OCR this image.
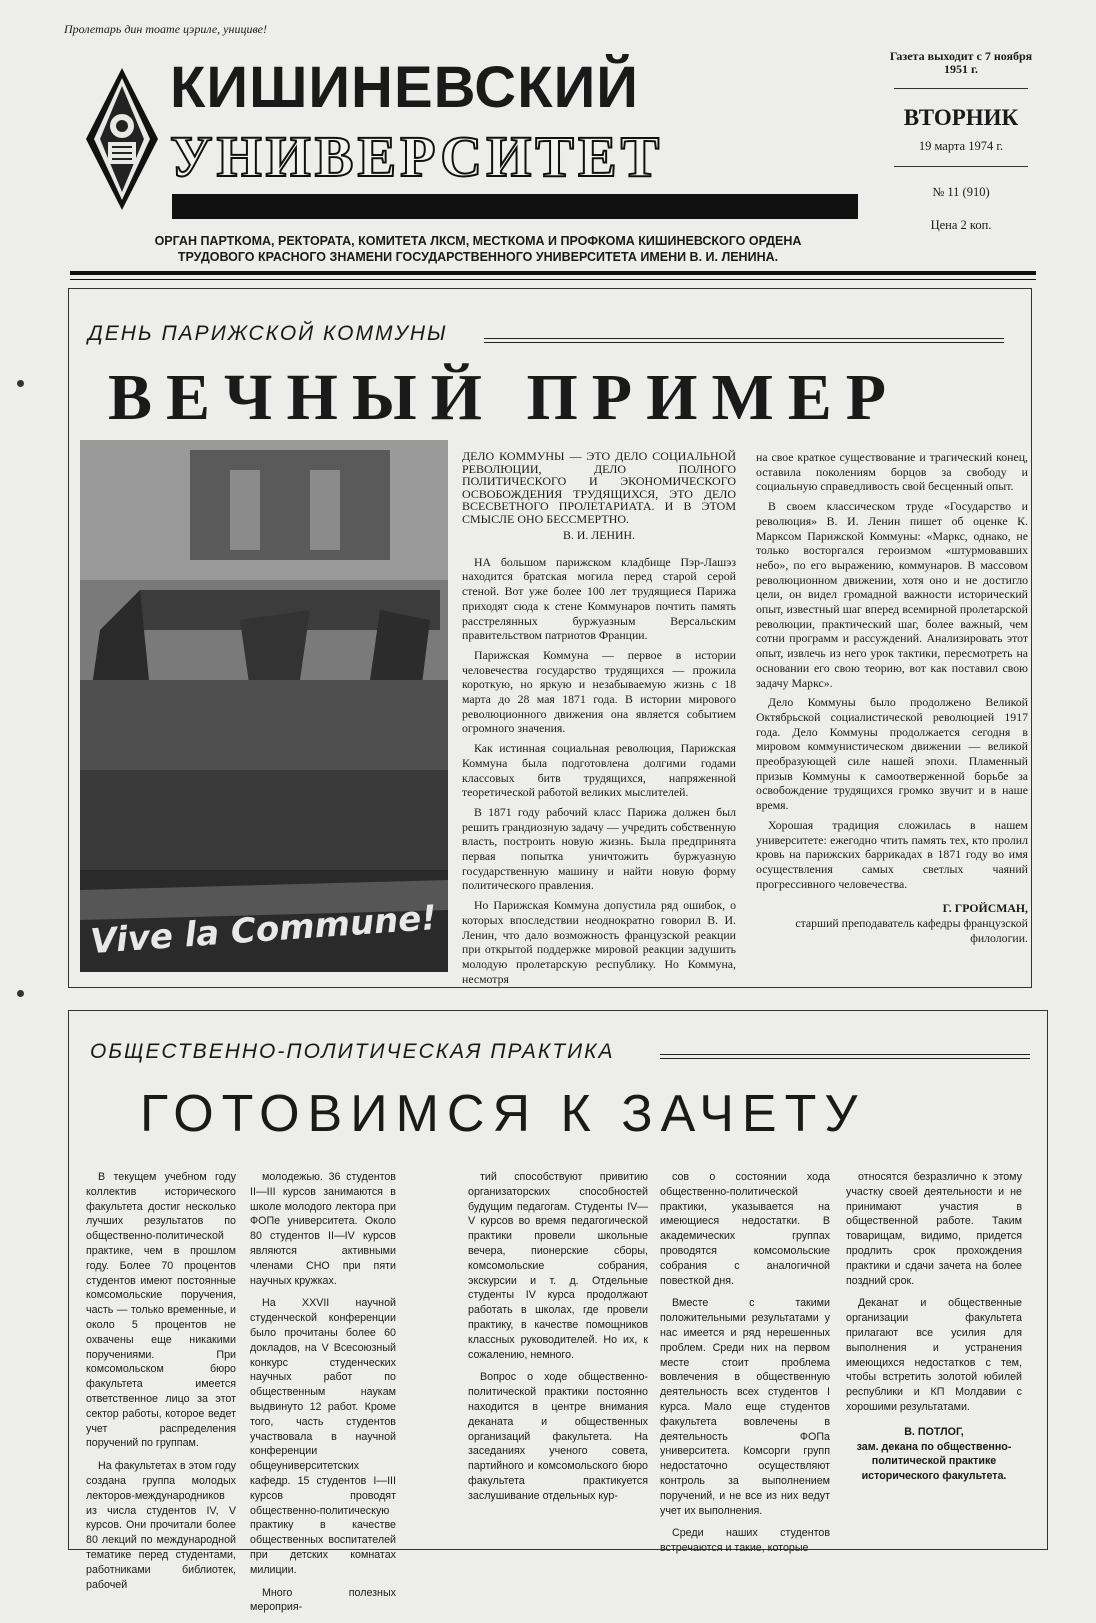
Пролетарь дин тоате цэриле, унициве!
КИШИНЕВСКИЙ
УНИВЕРСИТЕТ
ОРГАН ПАРТКОМА, РЕКТОРАТА, КОМИТЕТА ЛКСМ, МЕСТКОМА И ПРОФКОМА КИШИНЕВСКОГО ОРДЕНА
ТРУДОВОГО КРАСНОГО ЗНАМЕНИ ГОСУДАРСТВЕННОГО УНИВЕРСИТЕТА ИМЕНИ В. И. ЛЕНИНА.
Газета выходит с 7 ноября 1951 г.
ВТОРНИК
19 марта 1974 г.
№ 11 (910)
Цена 2 коп.
ДЕНЬ ПАРИЖСКОЙ КОММУНЫ
ВЕЧНЫЙ ПРИМЕР
Vive la Commune!
ДЕЛО КОММУНЫ — ЭТО ДЕЛО СОЦИАЛЬНОЙ РЕВОЛЮЦИИ, ДЕЛО ПОЛНОГО ПОЛИТИЧЕСКОГО И ЭКОНОМИЧЕСКОГО ОСВОБОЖДЕНИЯ ТРУДЯЩИХСЯ, ЭТО ДЕЛО ВСЕСВЕТНОГО ПРОЛЕТАРИАТА. И В ЭТОМ СМЫСЛЕ ОНО БЕССМЕРТНО.
В. И. ЛЕНИН.

НА большом парижском кладбище Пэр-Лашэз находится братская могила перед старой серой стеной. Вот уже более 100 лет трудящиеся Парижа приходят сюда к стене Коммунаров почтить память расстрелянных буржуазным Версальским правительством патриотов Франции.

Парижская Коммуна — первое в истории человечества государство трудящихся — прожила короткую, но яркую и незабываемую жизнь с 18 марта до 28 мая 1871 года. В истории мирового революционного движения она является событием огромного значения.

Как истинная социальная революция, Парижская Коммуна была подготовлена долгими годами классовых битв трудящихся, напряженной теоретической работой великих мыслителей.

В 1871 году рабочий класс Парижа должен был решить грандиозную задачу — учредить собственную власть, построить новую жизнь. Была предпринята первая попытка уничтожить буржуазную государственную машину и найти новую форму политического правления.

Но Парижская Коммуна допустила ряд ошибок, о которых впоследствии неоднократно говорил В. И. Ленин, что дало возможность французской реакции при открытой поддержке мировой реакции задушить молодую пролетарскую республику. Но Коммуна, несмотря

на свое краткое существование и трагический конец, оставила поколениям борцов за свободу и социальную справедливость свой бесценный опыт.

В своем классическом труде «Государство и революция» В. И. Ленин пишет об оценке К. Марксом Парижской Коммуны: «Маркс, однако, не только восторгался героизмом «штурмовавших небо», по его выражению, коммунаров. В массовом революционном движении, хотя оно и не достигло цели, он видел громадной важности исторический опыт, известный шаг вперед всемирной пролетарской революции, практический шаг, более важный, чем сотни программ и рассуждений. Анализировать этот опыт, извлечь из него урок тактики, пересмотреть на основании его свою теорию, вот как поставил свою задачу Маркс».

Дело Коммуны было продолжено Великой Октябрьской социалистической революцией 1917 года. Дело Коммуны продолжается сегодня в мировом коммунистическом движении — великой преобразующей силе нашей эпохи. Пламенный призыв Коммуны к самоотверженной борьбе за освобождение трудящихся громко звучит и в наше время.

Хорошая традиция сложилась в нашем университете: ежегодно чтить память тех, кто пролил кровь на парижских баррикадах в 1871 году во имя осуществления самых светлых чаяний прогрессивного человечества.

Г. ГРОЙСМАН,
старший преподаватель кафедры французской филологии.
ОБЩЕСТВЕННО-ПОЛИТИЧЕСКАЯ ПРАКТИКА
ГОТОВИМСЯ К ЗАЧЕТУ

В текущем учебном году коллектив исторического факультета достиг несколько лучших результатов по общественно-политической практике, чем в прошлом году. Более 70 процентов студентов имеют постоянные комсомольские поручения, часть — только временные, и около 5 процентов не охвачены еще никакими поручениями. При комсомольском бюро факультета имеется ответственное лицо за этот сектор работы, которое ведет учет распределения поручений по группам.

На факультетах в этом году создана группа молодых лекторов-международников из числа студентов IV, V курсов. Они прочитали более 80 лекций по международной тематике перед студентами, работниками библиотек, рабочей

молодежью. 36 студентов II—III курсов занимаются в школе молодого лектора при ФОПе университета. Около 80 студентов II—IV курсов являются активными членами СНО при пяти научных кружках.

На XXVII научной студенческой конференции было прочитаны более 60 докладов, на V Всесоюзный конкурс студенческих научных работ по общественным наукам выдвинуто 12 работ. Кроме того, часть студентов участвовала в научной конференции общеуниверситетских кафедр. 15 студентов I—III курсов проводят общественно-политическую практику в качестве общественных воспитателей при детских комнатах милиции.

Много полезных мероприя-

тий способствуют привитию организаторских способностей будущим педагогам. Студенты IV—V курсов во время педагогической практики провели школьные вечера, пионерские сборы, комсомольские собрания, экскурсии и т. д. Отдельные студенты IV курса продолжают работать в школах, где провели практику, в качестве помощников классных руководителей. Но их, к сожалению, немного.

Вопрос о ходе общественно-политической практики постоянно находится в центре внимания деканата и общественных организаций факультета. На заседаниях ученого совета, партийного и комсомольского бюро факультета практикуется заслушивание отдельных кур-

сов о состоянии хода общественно-политической практики, указывается на имеющиеся недостатки. В академических группах проводятся комсомольские собрания с аналогичной повесткой дня.

Вместе с такими положительными результатами у нас имеется и ряд нерешенных проблем. Среди них на первом месте стоит проблема вовлечения в общественную деятельность всех студентов I курса. Мало еще студентов факультета вовлечены в деятельность ФОПа университета. Комсорги групп недостаточно осуществляют контроль за выполнением поручений, и не все из них ведут учет их выполнения.

Среди наших студентов встречаются и такие, которые

относятся безразлично к этому участку своей деятельности и не принимают участия в общественной работе. Таким товарищам, видимо, придется продлить срок прохождения практики и сдачи зачета на более поздний срок.

Деканат и общественные организации факультета прилагают все усилия для выполнения и устранения имеющихся недостатков с тем, чтобы встретить золотой юбилей республики и КП Молдавии с хорошими результатами.

В. ПОТЛОГ,
зам. декана по общественно-политической практике исторического факультета.
